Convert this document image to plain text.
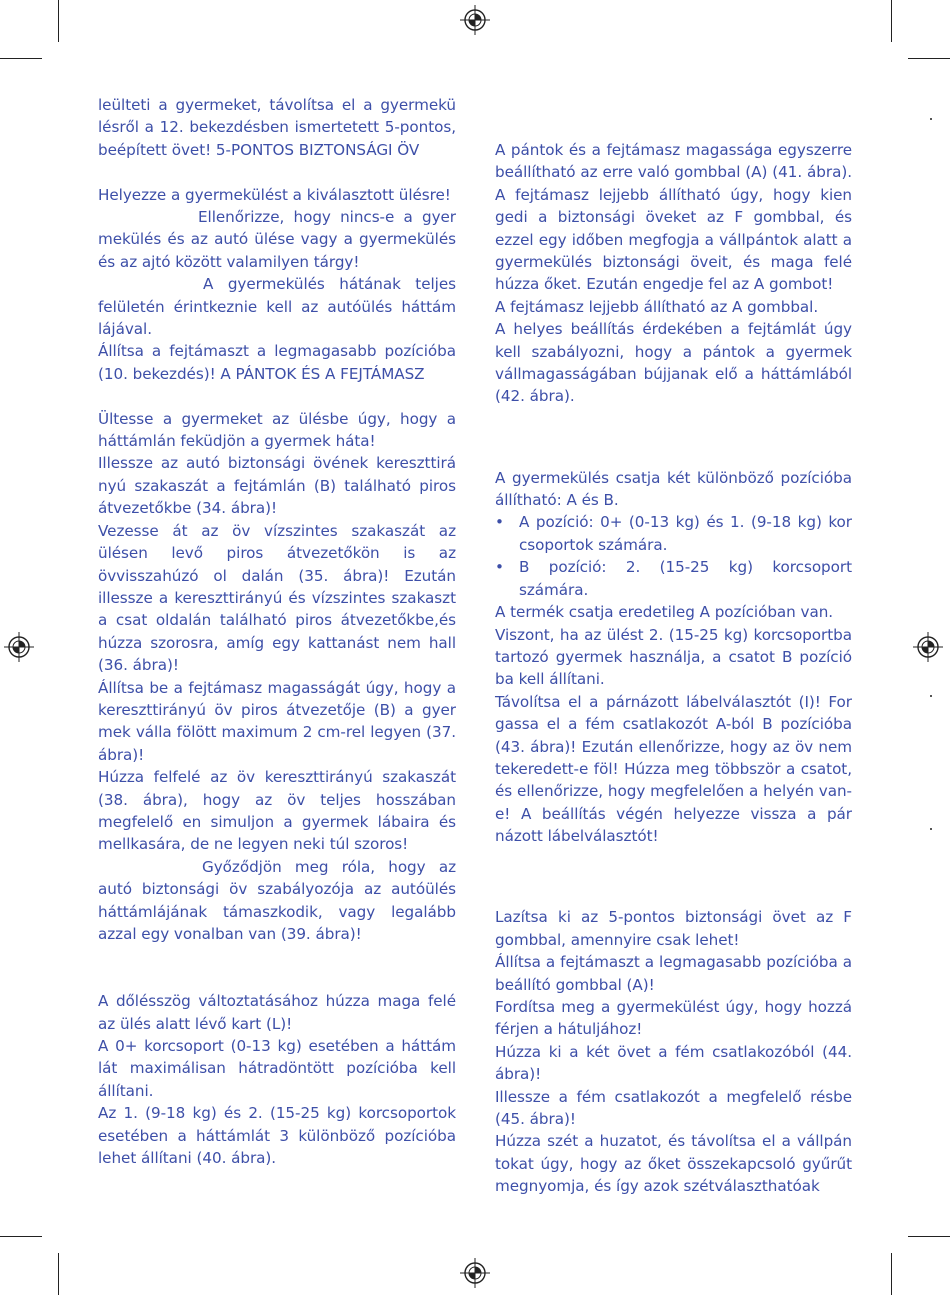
leülteti a gyermeket, távolítsa el a gyermekü lésről a 12. bekezdésben ismertetett 5-pontos, beépített övet! 5-PONTOS BIZTONSÁGI ÖV

Helyezze a gyermekülést a kiválasztott ülésre!

Ellenőrizze, hogy nincs-e a gyer mekülés és az autó ülése vagy a gyermekülés és az ajtó között valamilyen tárgy!

A gyermekülés hátának teljes felületén érintkeznie kell az autóülés háttám lájával.

Állítsa a fejtámaszt a legmagasabb pozícióba (10. bekezdés)! A PÁNTOK ÉS A FEJTÁMASZ

Ültesse a gyermeket az ülésbe úgy, hogy a háttámlán feküdjön a gyermek háta!

Illessze az autó biztonsági övének kereszttirá nyú szakaszát a fejtámlán (B) található piros átvezetőkbe (34. ábra)!

Vezesse át az öv vízszintes szakaszát az ülésen levő piros átvezetőkön is az övvisszahúzó ol dalán (35. ábra)! Ezután illessze a kereszttirányú és vízszintes szakaszt a csat oldalán található piros átvezetőkbe,és húzza szorosra, amíg egy kattanást nem hall (36. ábra)!

Állítsa be a fejtámasz magasságát úgy, hogy a kereszttirányú öv piros átvezetője (B) a gyer mek válla fölött maximum 2 cm-rel legyen (37. ábra)!

Húzza felfelé az öv kereszttirányú szakaszát (38. ábra), hogy az öv teljes hosszában megfelelő en simuljon a gyermek lábaira és mellkasára, de ne legyen neki túl szoros!

Győződjön meg róla, hogy az autó biztonsági öv szabályozója az autóülés háttámlájának támaszkodik, vagy legalább azzal egy vonalban van (39. ábra)!

A dőlésszög változtatásához húzza maga felé az ülés alatt lévő kart (L)!

A 0+ korcsoport (0-13 kg) esetében a háttám lát maximálisan hátradöntött pozícióba kell állítani.

Az 1. (9-18 kg) és 2. (15-25 kg) korcsoportok esetében a háttámlát 3 különböző pozícióba lehet állítani (40. ábra).

A pántok és a fejtámasz magassága egyszerre beállítható az erre való gombbal (A) (41. ábra). A fejtámasz lejjebb állítható úgy, hogy kien gedi a biztonsági öveket az F gombbal, és ezzel egy időben megfogja a vállpántok alatt a gyermekülés biztonsági öveit, és maga felé húzza őket. Ezután engedje fel az A gombot!

A fejtámasz lejjebb állítható az A gombbal.

A helyes beállítás érdekében a fejtámlát úgy kell szabályozni, hogy a pántok a gyermek vállmagasságában bújjanak elő a háttámlából (42. ábra).

A gyermekülés csatja két különböző pozícióba állítható: A és B.

• A pozíció: 0+ (0-13 kg) és 1. (9-18 kg) kor csoportok számára.
• B pozíció: 2. (15-25 kg) korcsoport számára.

A termék csatja eredetileg A pozícióban van.

Viszont, ha az ülést 2. (15-25 kg) korcsoportba tartozó gyermek használja, a csatot B pozíció ba kell állítani.

Távolítsa el a párnázott lábelválasztót (I)! For gassa el a fém csatlakozót A-ból B pozícióba (43. ábra)! Ezután ellenőrizze, hogy az öv nem tekeredett-e föl! Húzza meg többször a csatot, és ellenőrizze, hogy megfelelően a helyén van-e! A beállítás végén helyezze vissza a pár názott lábelválasztót!

Lazítsa ki az 5-pontos biztonsági övet az F gombbal, amennyire csak lehet!

Állítsa a fejtámaszt a legmagasabb pozícióba a beállító gombbal (A)!

Fordítsa meg a gyermekülést úgy, hogy hozzá férjen a hátuljához!

Húzza ki a két övet a fém csatlakozóból (44. ábra)!

Illessze a fém csatlakozót a megfelelő résbe (45. ábra)!

Húzza szét a huzatot, és távolítsa el a vállpán tokat úgy, hogy az őket összekapcsoló gyűrűt megnyomja, és így azok szétválaszthatóak
